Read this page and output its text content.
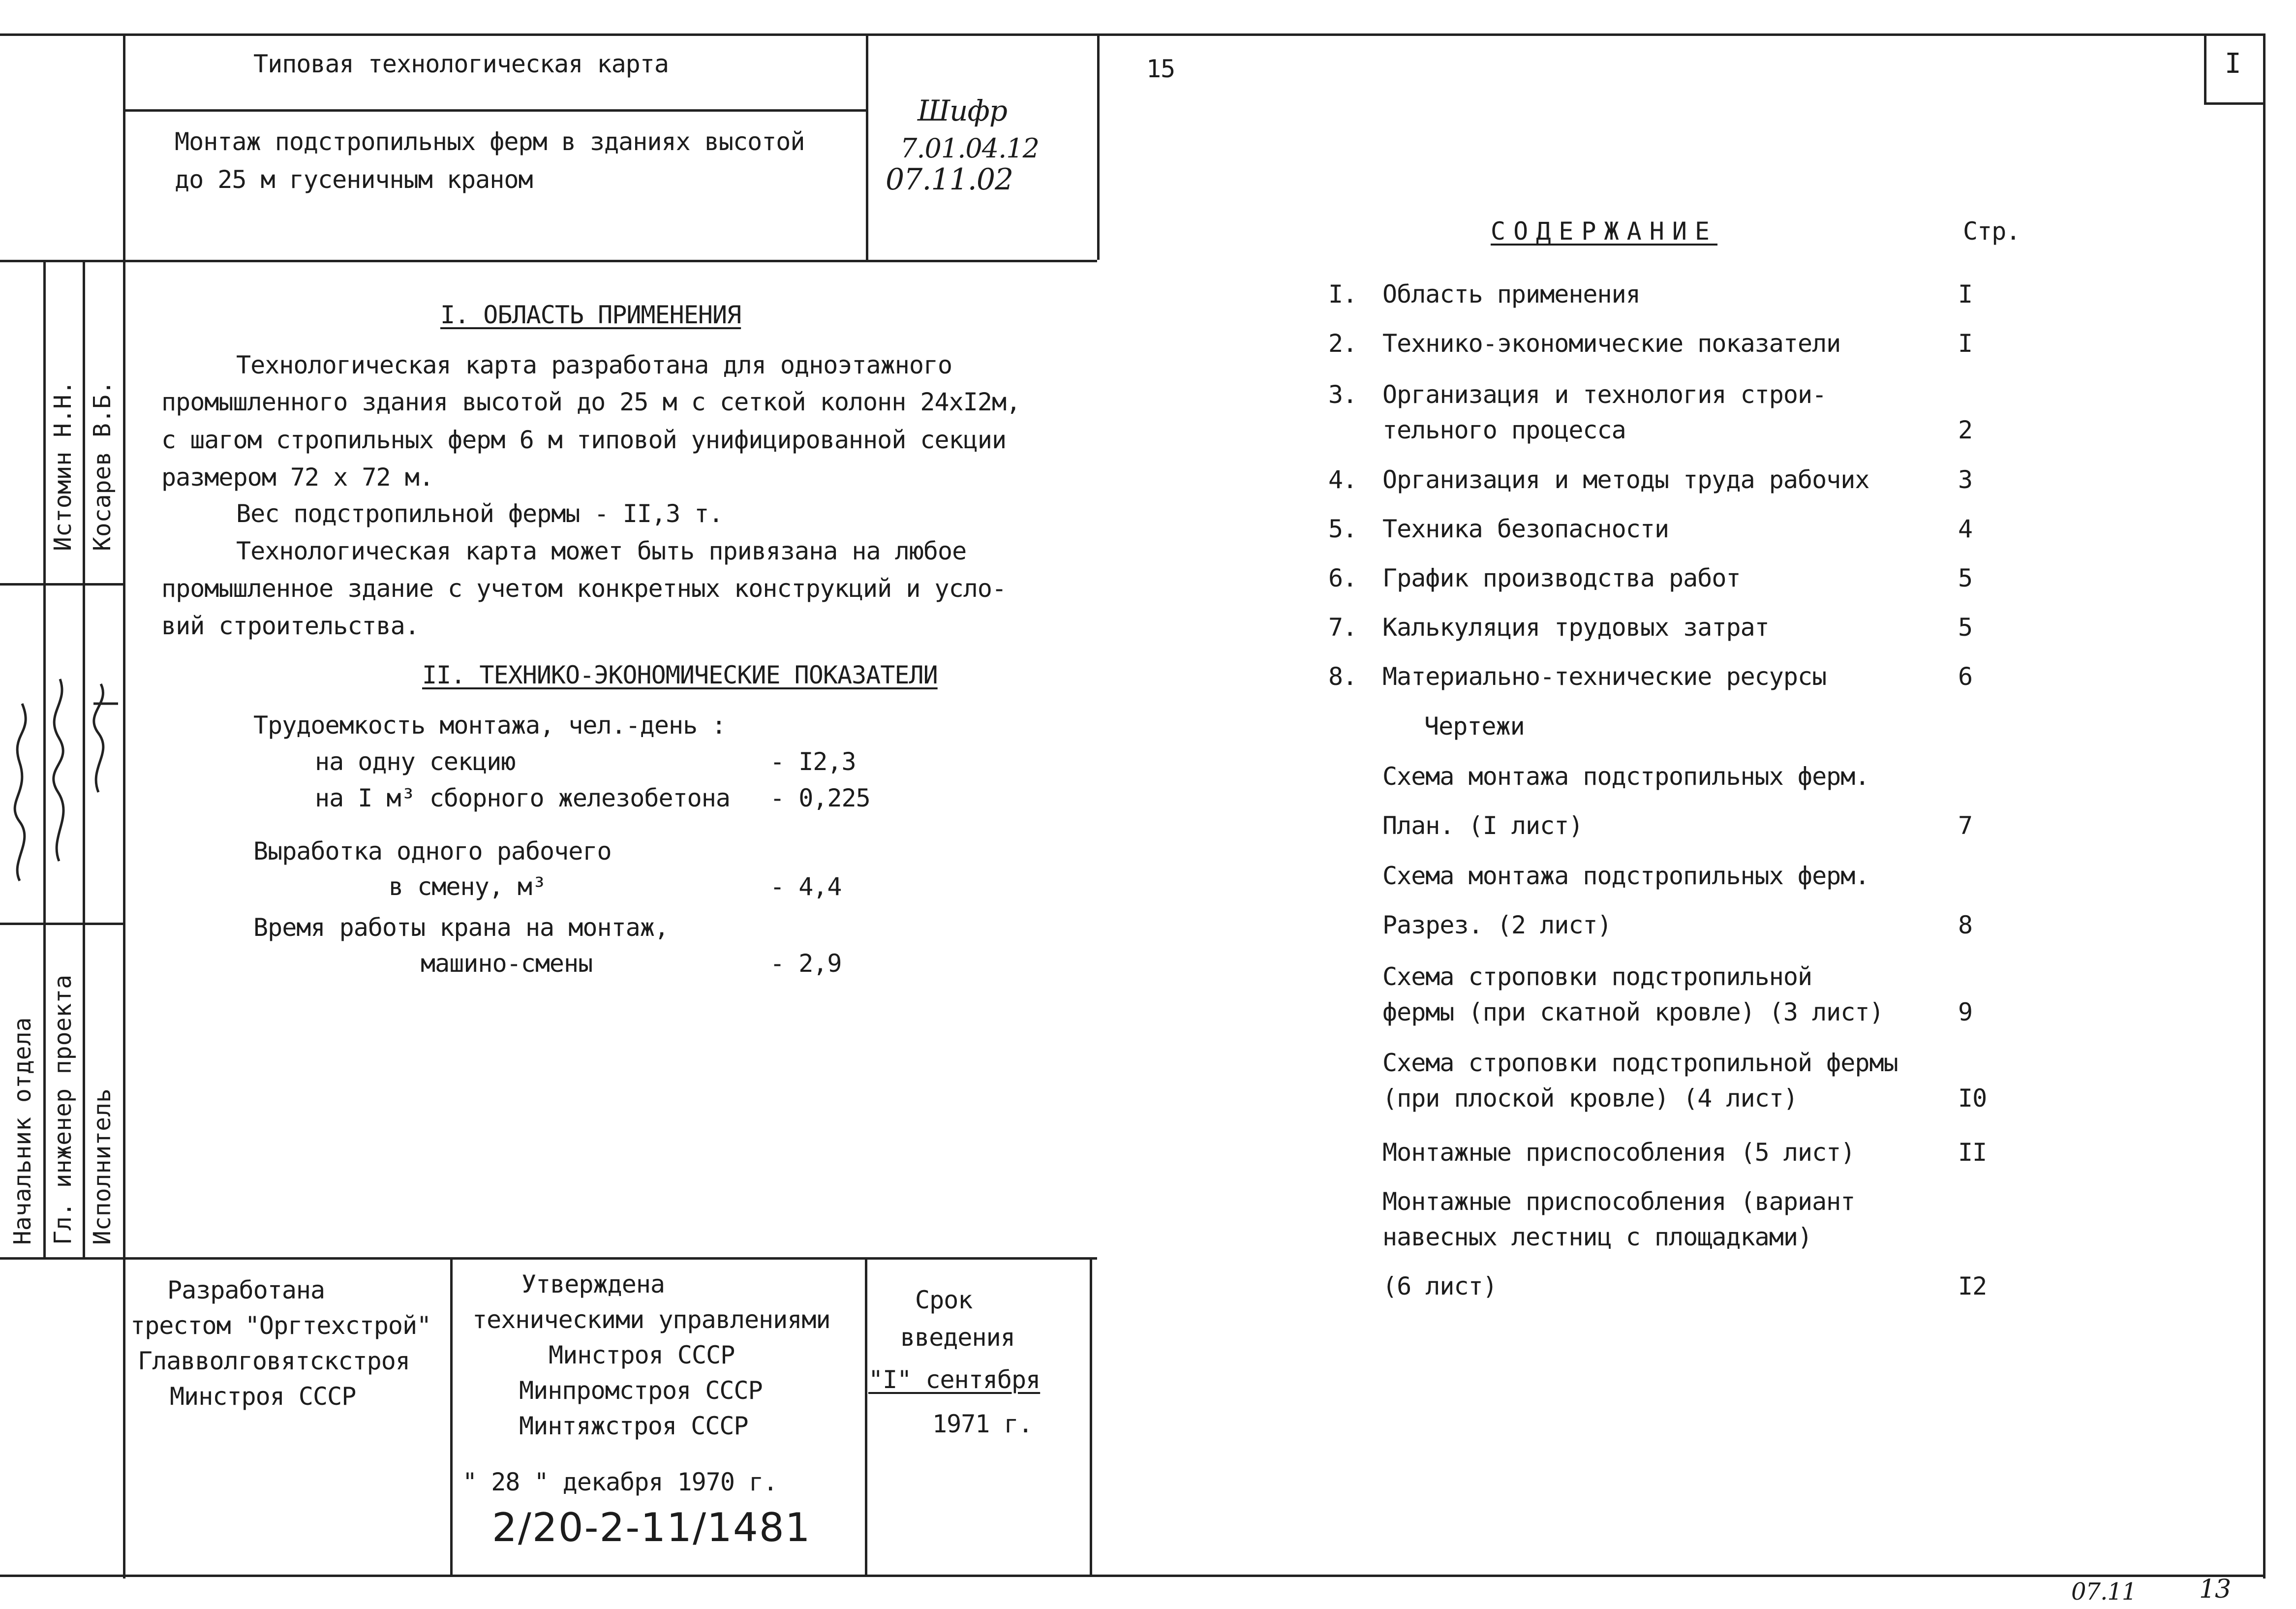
I
15
Типовая технологическая карта
Монтаж подстропильных ферм в зданиях высотой
до 25 м гусеничным краном
Шифр
7.01.04.12
07.11.02
Начальник отдела Гл. инженер проекта Исполнитель
Истомин Н.Н. Косарев В.Б.
I. ОБЛАСТЬ ПРИМЕНЕНИЯ
Технологическая карта разработана для одноэтажного
промышленного здания высотой до 25 м с сеткой колонн 24хI2м,
с шагом стропильных ферм 6 м типовой унифицированной секции
размером 72 х 72 м.
Вес подстропильной фермы - II,3 т.
Технологическая карта может быть привязана на любое
промышленное здание с учетом конкретных конструкций и усло-
вий строительства.
II. ТЕХНИКО-ЭКОНОМИЧЕСКИЕ ПОКАЗАТЕЛИ
Трудоемкость монтажа, чел.-день :
на одну секцию	- I2,3
на I м³ сборного железобетона - 0,225
Выработка одного рабочего
в смену, м³	- 4,4
Время работы крана на монтаж,
машино-смены	- 2,9
Разработана
трестом "Оргтехстрой"
Главволговятскстроя
Минстроя СССР
Утверждена
техническими управлениями
Минстроя СССР
Минпромстроя СССР
Минтяжстроя СССР
" 28 " декабря 1970 г.
2/20-2-11/1481
Срок
введения
"I" сентября
1971 г.
СОДЕРЖАНИЕ	Стр.
I. Область применения	I
2. Технико-экономические показатели	I
3. Организация и технология строи-
тельного процесса	2
4. Организация и методы труда рабочих	3
5. Техника безопасности	4
6. График производства работ	5
7. Калькуляция трудовых затрат	5
8. Материально-технические ресурсы	6
Чертежи
Схема монтажа подстропильных ферм.
План. (I лист)	7
Схема монтажа подстропильных ферм.
Разрез. (2 лист)	8
Схема строповки подстропильной
фермы (при скатной кровле) (3 лист)	9
Схема строповки подстропильной фермы
(при плоской кровле) (4 лист)	I0
Монтажные приспособления (5 лист)	II
Монтажные приспособления (вариант
навесных лестниц с площадками)
(6 лист)	I2
07.11 13
